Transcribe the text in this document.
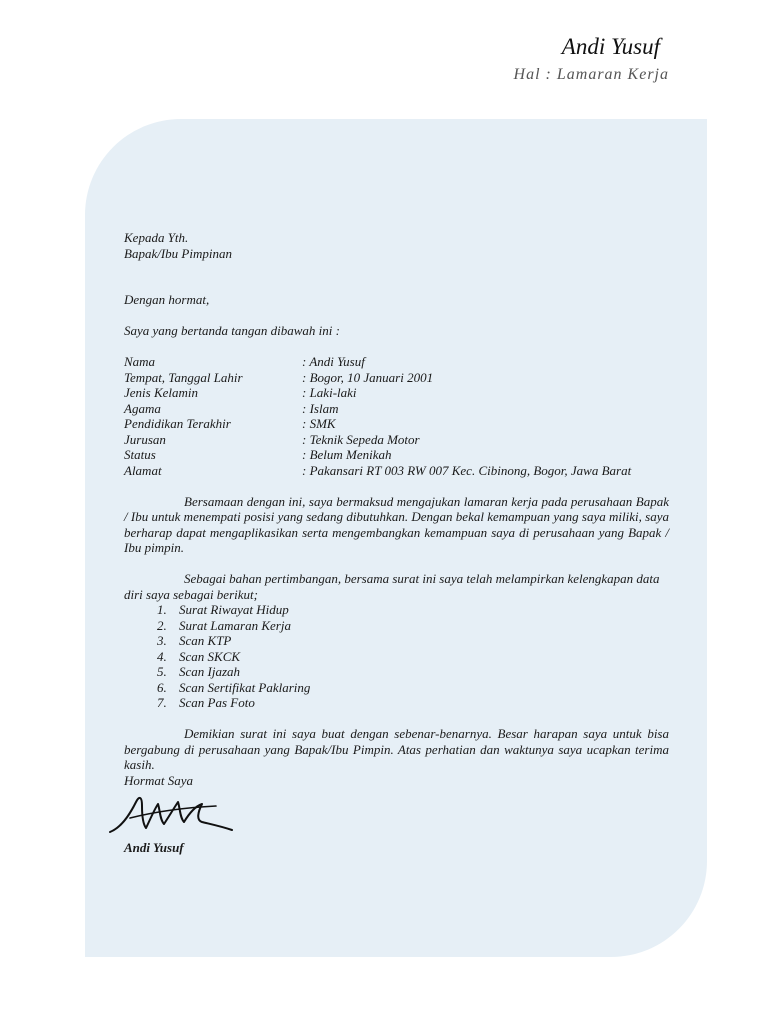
Andi Yusuf
Hal : Lamaran Kerja

Kepada Yth.

Bapak/Ibu Pimpinan

Dengan hormat,

Saya yang bertanda tangan dibawah ini :

Nama	: Andi Yusuf
Tempat, Tanggal Lahir	: Bogor, 10 Januari 2001
Jenis Kelamin	: Laki-laki
Agama	: Islam
Pendidikan Terakhir	: SMK
Jurusan	: Teknik Sepeda Motor
Status	: Belum Menikah
Alamat	: Pakansari RT 003 RW 007 Kec. Cibinong, Bogor, Jawa Barat

Bersamaan dengan ini, saya bermaksud mengajukan lamaran kerja pada perusahaan Bapak / Ibu untuk menempati posisi yang sedang dibutuhkan. Dengan bekal kemampuan yang saya miliki, saya berharap dapat mengaplikasikan serta mengembangkan kemampuan saya di perusahaan yang Bapak / Ibu pimpin.

Sebagai bahan pertimbangan, bersama surat ini saya telah melampirkan kelengkapan data diri saya sebagai berikut;

1. Surat Riwayat Hidup
2. Surat Lamaran Kerja
3. Scan KTP
4. Scan SKCK
5. Scan Ijazah
6. Scan Sertifikat Paklaring
7. Scan Pas Foto

Demikian surat ini saya buat dengan sebenar-benarnya. Besar harapan saya untuk bisa bergabung di perusahaan yang Bapak/Ibu Pimpin. Atas perhatian dan waktunya saya ucapkan terima kasih.

Hormat Saya

Andi Yusuf
